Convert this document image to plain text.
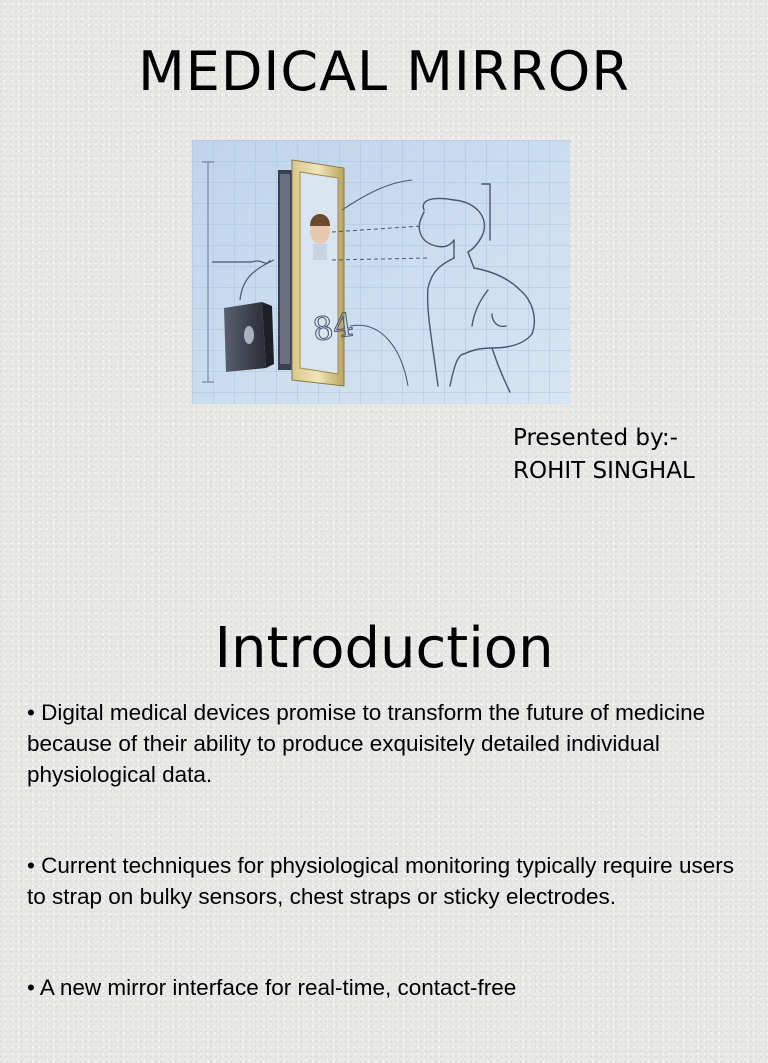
MEDICAL MIRROR
84
Presented by:-
ROHIT SINGHAL
Introduction

• Digital medical devices promise to transform the future of medicine because of their ability to produce exquisitely detailed individual physiological data.

• Current techniques for physiological monitoring typically require users to strap on bulky sensors, chest straps or sticky electrodes.

• A new mirror interface for real-time, contact-free
